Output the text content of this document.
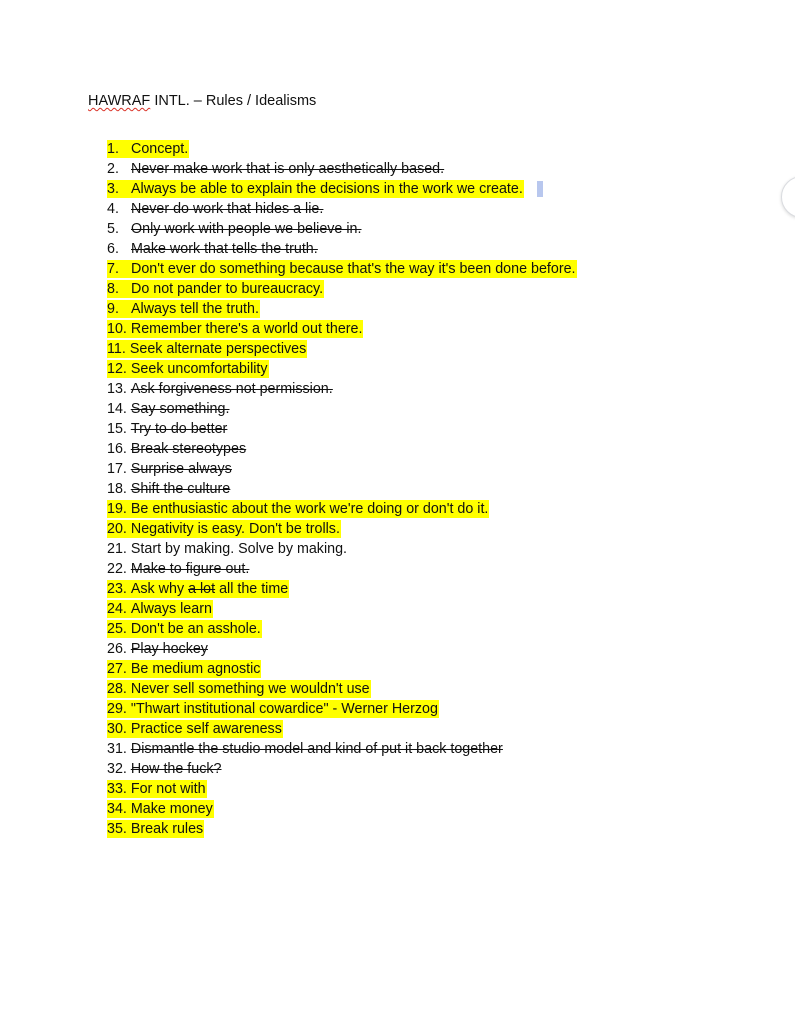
HAWRAF INTL. – Rules / Idealisms
1. Concept.
2. Never make work that is only aesthetically based.
3. Always be able to explain the decisions in the work we create.
4. Never do work that hides a lie.
5. Only work with people we believe in.
6. Make work that tells the truth.
7. Don't ever do something because that's the way it's been done before.
8. Do not pander to bureaucracy.
9. Always tell the truth.
10. Remember there's a world out there.
11. Seek alternate perspectives
12. Seek uncomfortability
13. Ask forgiveness not permission.
14. Say something.
15. Try to do better
16. Break stereotypes
17. Surprise always
18. Shift the culture
19. Be enthusiastic about the work we're doing or don't do it.
20. Negativity is easy. Don't be trolls.
21. Start by making. Solve by making.
22. Make to figure out.
23. Ask why a lot all the time
24. Always learn
25. Don't be an asshole.
26. Play hockey
27. Be medium agnostic
28. Never sell something we wouldn't use
29. "Thwart institutional cowardice" - Werner Herzog
30. Practice self awareness
31. Dismantle the studio model and kind of put it back together
32. How the fuck?
33. For not with
34. Make money
35. Break rules
